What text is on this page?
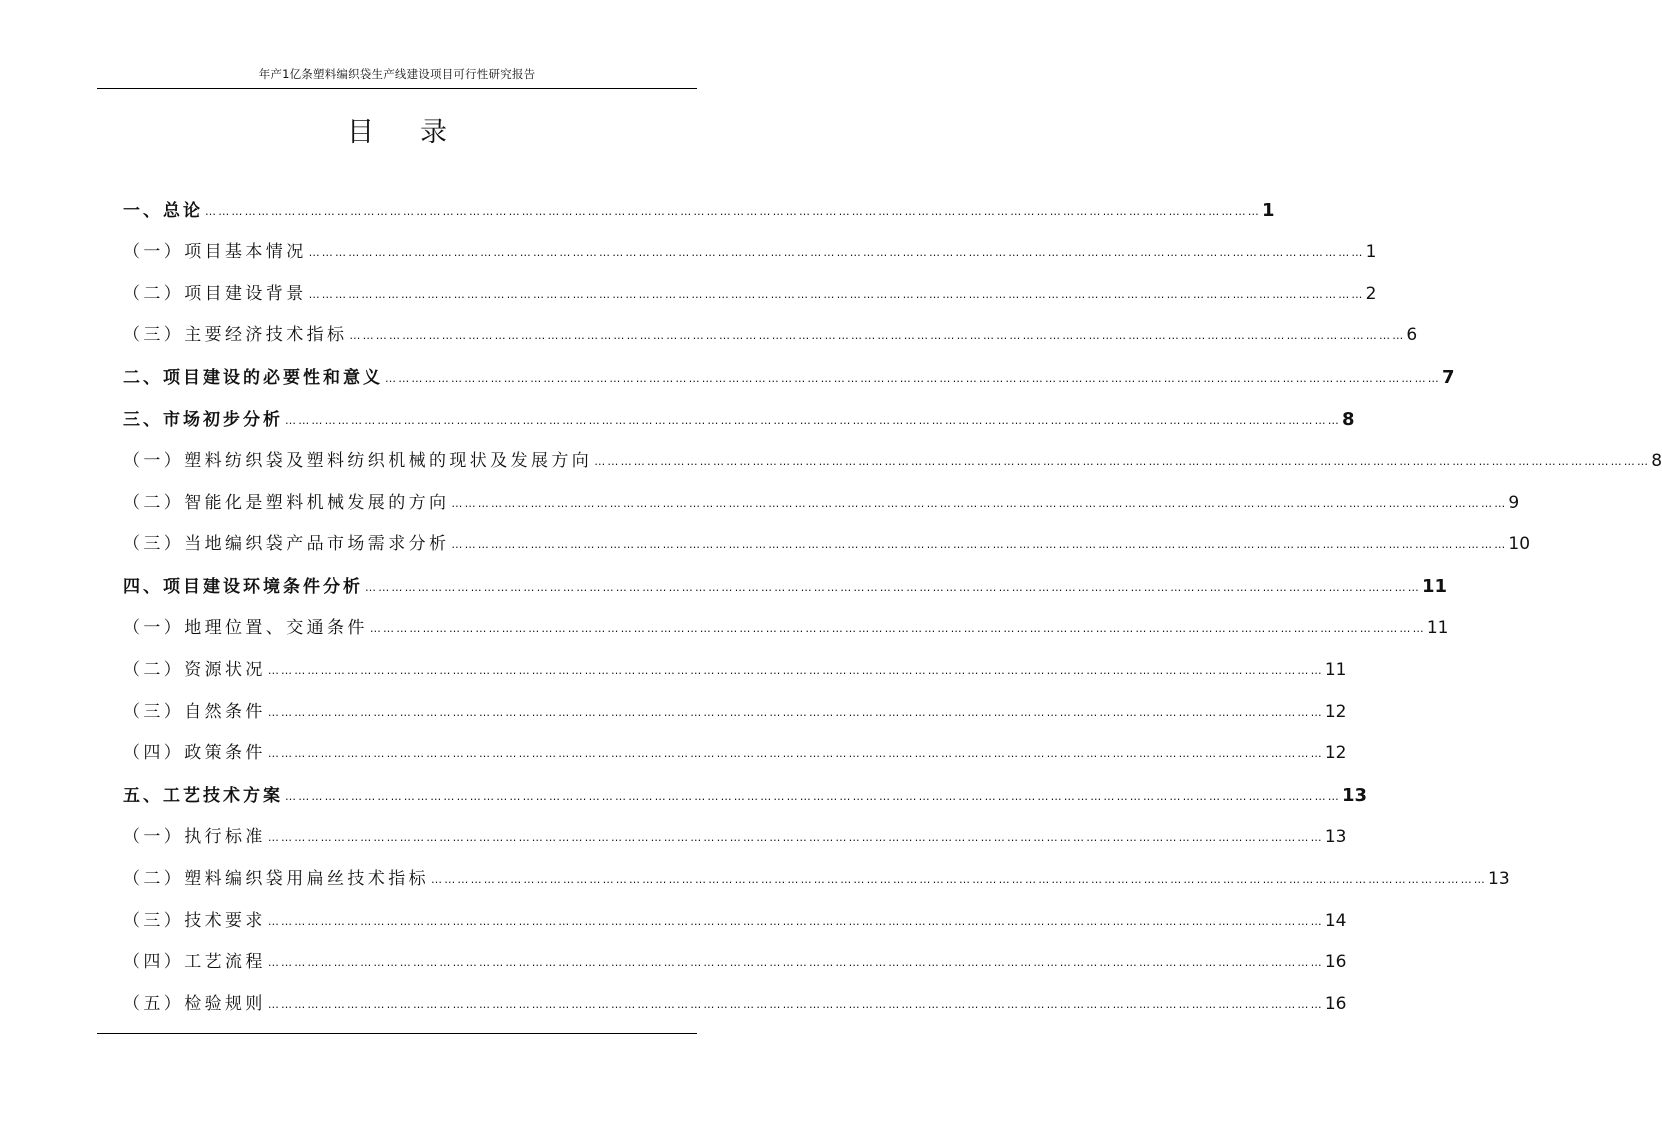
年产1亿条塑料编织袋生产线建设项目可行性研究报告
目 录
一、总论 …………………………………………………………………………………………………………………………………………………………………………………………………………………… 1
（一）项目基本情况 …………………………………………………………………………………………………………………………………………………………………………………………………………………… 1
（二）项目建设背景 …………………………………………………………………………………………………………………………………………………………………………………………………………………… 2
（三）主要经济技术指标 …………………………………………………………………………………………………………………………………………………………………………………………………………………… 6
二、项目建设的必要性和意义 …………………………………………………………………………………………………………………………………………………………………………………………………………………… 7
三、市场初步分析 …………………………………………………………………………………………………………………………………………………………………………………………………………………… 8
（一）塑料纺织袋及塑料纺织机械的现状及发展方向 …………………………………………………………………………………………………………………………………………………………………………………………………………………… 8
（二）智能化是塑料机械发展的方向 …………………………………………………………………………………………………………………………………………………………………………………………………………………… 9
（三）当地编织袋产品市场需求分析 …………………………………………………………………………………………………………………………………………………………………………………………………………………… 10
四、项目建设环境条件分析 …………………………………………………………………………………………………………………………………………………………………………………………………………………… 11
（一）地理位置、交通条件 …………………………………………………………………………………………………………………………………………………………………………………………………………………… 11
（二）资源状况 …………………………………………………………………………………………………………………………………………………………………………………………………………………… 11
（三）自然条件 …………………………………………………………………………………………………………………………………………………………………………………………………………………… 12
（四）政策条件 …………………………………………………………………………………………………………………………………………………………………………………………………………………… 12
五、工艺技术方案 …………………………………………………………………………………………………………………………………………………………………………………………………………………… 13
（一）执行标准 …………………………………………………………………………………………………………………………………………………………………………………………………………………… 13
（二）塑料编织袋用扁丝技术指标 …………………………………………………………………………………………………………………………………………………………………………………………………………………… 13
（三）技术要求 …………………………………………………………………………………………………………………………………………………………………………………………………………………… 14
（四）工艺流程 …………………………………………………………………………………………………………………………………………………………………………………………………………………… 16
（五）检验规则 …………………………………………………………………………………………………………………………………………………………………………………………………………………… 16
